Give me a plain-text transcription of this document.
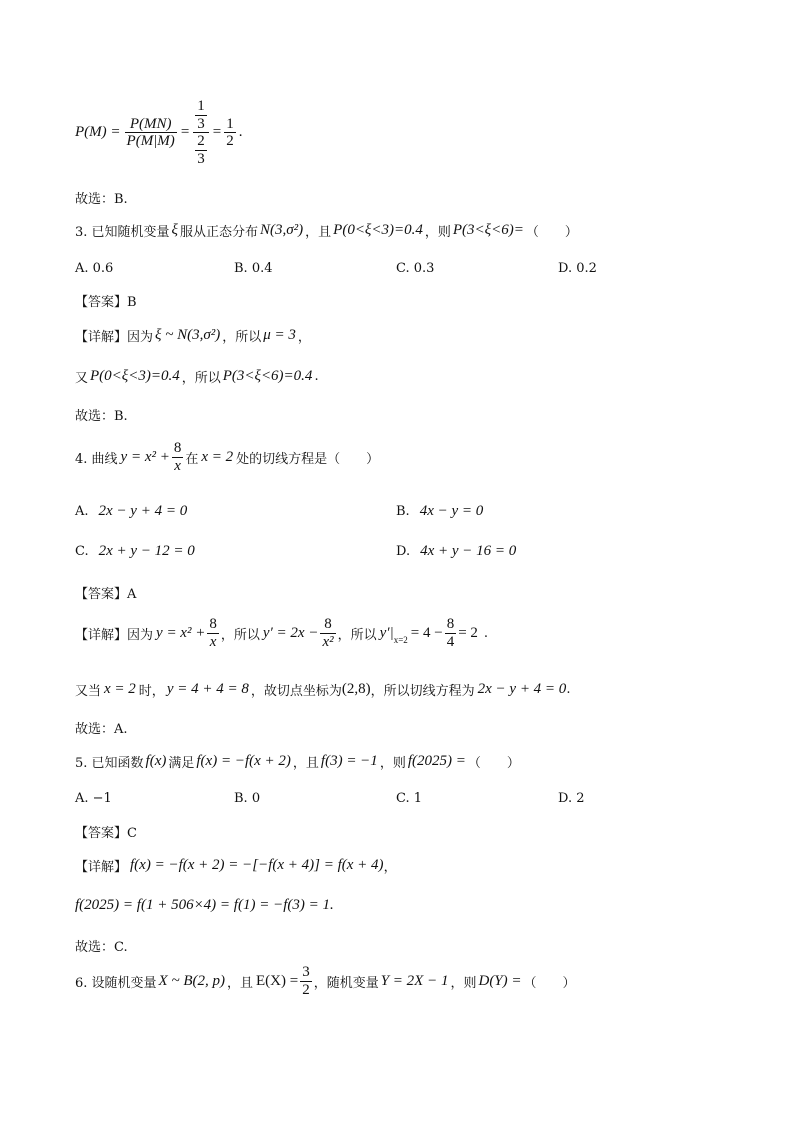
$P(M) = \frac{P(MN)}{P(M|M)} = \frac{\frac{1}{3}}{\frac{2}{3}} = \frac{1}{2}$ .
故选：B.
3. 已知随机变量 ξ 服从正态分布 N(3,σ²) ，且 P(0<ξ<3)=0.4 ，则 P(3<ξ<6)= （　　）
A. 0.6	B. 0.4	C. 0.3	D. 0.2
【答案】B
【详解】 因为 ξ ~ N(3,σ²) ，所以 μ = 3 ，
又 P(0<ξ<3)=0.4 ，所以 P(3<ξ<6)=0.4 .
故选：B.
4. 曲线 $y = x^2 + \frac{8}{x}$ 在 x = 2 处的切线方程是（　　）
A. 2x − y + 4 = 0	B. 4x − y = 0
C. 2x + y − 12 = 0	D. 4x + y − 16 = 0
【答案】A
【详解】 因为 $y = x^2 + \frac{8}{x}$ ，所以 $y' = 2x - \frac{8}{\text{x²}}$ ，所以 y′| $x=2 = 4 - \frac{8}{4} = 2$ .
又当 x = 2 时， y = 4 + 4 = 8 ，故切点坐标为 (2,8) ，所以切线方程为 2x − y + 4 = 0 .
故选：A.
5. 已知函数 f(x) 满足 f(x) = −f(x + 2) ，且 f(3) = −1 ，则 f(2025) = （　　）
A. −1	B. 0	C. 1	D. 2
【答案】C
【详解】 f(x) = −f(x + 2) = −[−f(x + 4)] = f(x + 4) ，
f(2025) = f(1 + 506×4) = f(1) = −f(3) = 1.
故选：C.
6. 设随机变量 X ~ B(2, p) ，且 $E(X) = \frac{3}{2}$ ，随机变量 Y = 2X − 1 ，则 D(Y) = （　　）
